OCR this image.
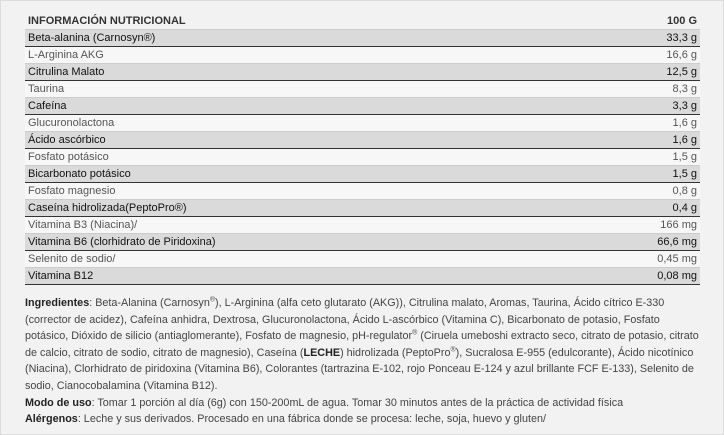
INFORMACIÓN NUTRICIONAL	100 G
Beta-alanina (Carnosyn®)	33,3 g
L-Arginina AKG	16,6 g
Citrulina Malato	12,5 g
Taurina	8,3 g
Cafeína	3,3 g
Glucuronolactona	1,6 g
Ácido ascórbico	1,6 g
Fosfato potásico	1,5 g
Bicarbonato potásico	1,5 g
Fosfato magnesio	0,8 g
Caseína hidrolizada(PeptoPro®)	0,4 g
Vitamina B3 (Niacina)/	166 mg
Vitamina B6 (clorhidrato de Piridoxina)	66,6 mg
Selenito de sodio/	0,45 mg
Vitamina B12	0,08 mg

Ingredientes: Beta-Alanina (Carnosyn®), L-Arginina (alfa ceto glutarato (AKG)), Citrulina malato, Aromas, Taurina, Ácido cítrico E-330 (corrector de acidez), Cafeína anhidra, Dextrosa, Glucuronolactona, Ácido L-ascórbico (Vitamina C), Bicarbonato de potasio, Fosfato potásico, Dióxido de silicio (antiaglomerante), Fosfato de magnesio, pH-regulator® (Ciruela umeboshi extracto seco, citrato de potasio, citrato de calcio, citrato de sodio, citrato de magnesio), Caseína (LECHE) hidrolizada (PeptoPro®), Sucralosa E-955 (edulcorante), Ácido nicotínico (Niacina), Clorhidrato de piridoxina (Vitamina B6), Colorantes (tartrazina E-102, rojo Ponceau E-124 y azul brillante FCF E-133), Selenito de sodio, Cianocobalamina (Vitamina B12).

Modo de uso: Tomar 1 porción al día (6g) con 150-200mL de agua. Tomar 30 minutos antes de la práctica de actividad física

Alérgenos: Leche y sus derivados. Procesado en una fábrica donde se procesa: leche, soja, huevo y gluten/
